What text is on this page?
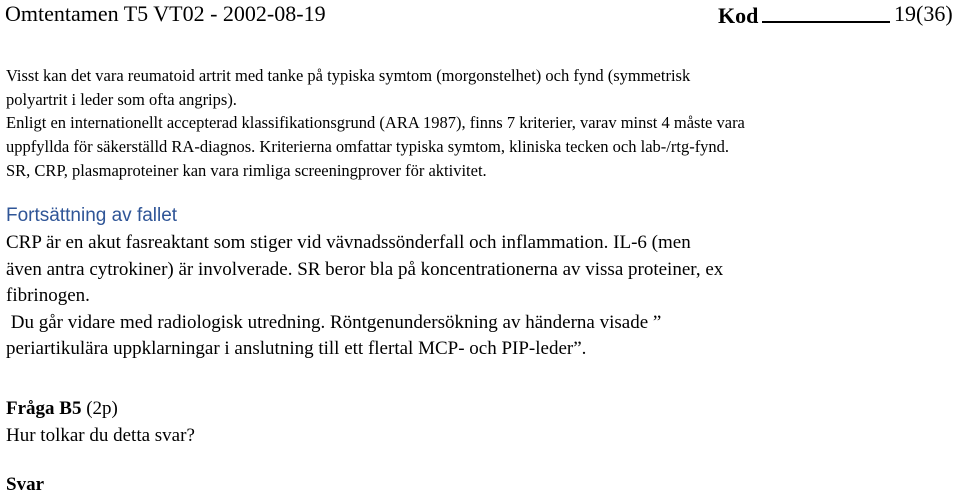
Omtentamen T5 VT02 - 2002-08-19	Kod	19(36)
Visst kan det vara reumatoid artrit med tanke på typiska symtom (morgonstelhet) och fynd (symmetrisk
polyartrit i leder som ofta angrips).
Enligt en internationellt accepterad klassifikationsgrund (ARA 1987), finns 7 kriterier, varav minst 4 måste vara
uppfyllda för säkerställd RA-diagnos. Kriterierna omfattar typiska symtom, kliniska tecken och lab-/rtg-fynd.
SR, CRP, plasmaproteiner kan vara rimliga screeningprover för aktivitet.
Fortsättning av fallet
CRP är en akut fasreaktant som stiger vid vävnadssönderfall och inflammation. IL-6 (men
även antra cytrokiner) är involverade. SR beror bla på koncentrationerna av vissa proteiner, ex
fibrinogen.
Du går vidare med radiologisk utredning. Röntgenundersökning av händerna visade ”
periartikulära uppklarningar i anslutning till ett flertal MCP- och PIP-leder”.
Fråga B5 (2p)
Hur tolkar du detta svar?
Svar
